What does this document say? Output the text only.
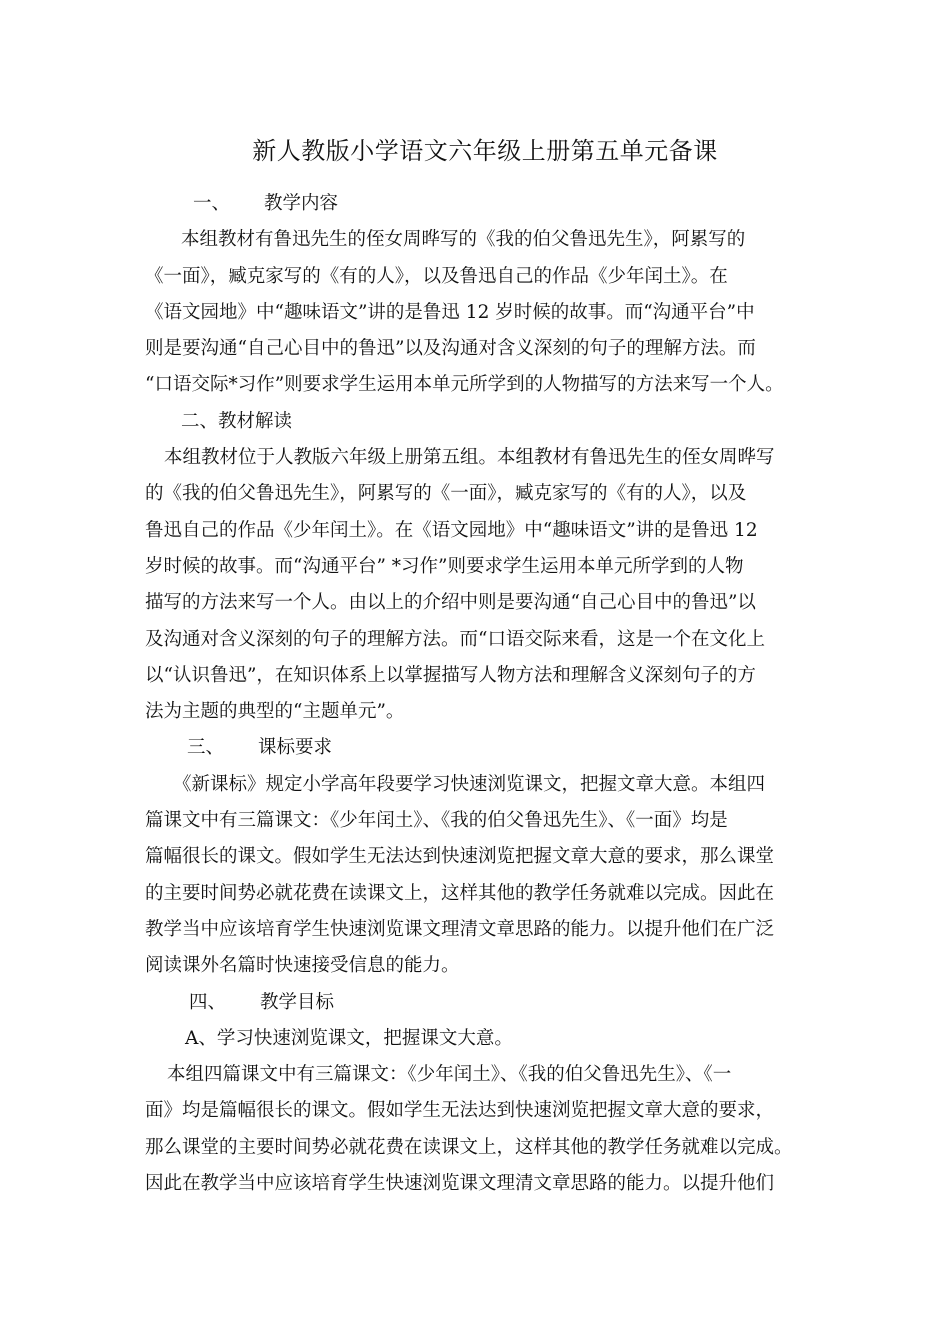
新人教版小学语文六年级上册第五单元备课
一、 教学内容
本组教材有鲁迅先生的侄女周晔写的《我的伯父鲁迅先生》，阿累写的
《一面》，臧克家写的《有的人》，以及鲁迅自己的作品《少年闰土》。在
《语文园地》中“趣味语文”讲的是鲁迅 12 岁时候的故事。而“沟通平台”中
则是要沟通“自己心目中的鲁迅”以及沟通对含义深刻的句子的理解方法。而
“口语交际*习作”则要求学生运用本单元所学到的人物描写的方法来写一个人。
二、教材解读
本组教材位于人教版六年级上册第五组。本组教材有鲁迅先生的侄女周晔写
的《我的伯父鲁迅先生》，阿累写的《一面》，臧克家写的《有的人》，以及
鲁迅自己的作品《少年闰土》。在《语文园地》中“趣味语文”讲的是鲁迅 12
岁时候的故事。而“沟通平台” *习作”则要求学生运用本单元所学到的人物
描写的方法来写一个人。由以上的介绍中则是要沟通“自己心目中的鲁迅”以
及沟通对含义深刻的句子的理解方法。而“口语交际来看，这是一个在文化上
以“认识鲁迅”，在知识体系上以掌握描写人物方法和理解含义深刻句子的方
法为主题的典型的“主题单元”。
三、 课标要求
《新课标》规定小学高年段要学习快速浏览课文，把握文章大意。本组四
篇课文中有三篇课文：《少年闰土》、《我的伯父鲁迅先生》、《一面》均是
篇幅很长的课文。假如学生无法达到快速浏览把握文章大意的要求，那么课堂
的主要时间势必就花费在读课文上，这样其他的教学任务就难以完成。因此在
教学当中应该培育学生快速浏览课文理清文章思路的能力。以提升他们在广泛
阅读课外名篇时快速接受信息的能力。
四、 教学目标
A、学习快速浏览课文，把握课文大意。
本组四篇课文中有三篇课文：《少年闰土》、《我的伯父鲁迅先生》、《一
面》均是篇幅很长的课文。假如学生无法达到快速浏览把握文章大意的要求，
那么课堂的主要时间势必就花费在读课文上，这样其他的教学任务就难以完成。
因此在教学当中应该培育学生快速浏览课文理清文章思路的能力。以提升他们
